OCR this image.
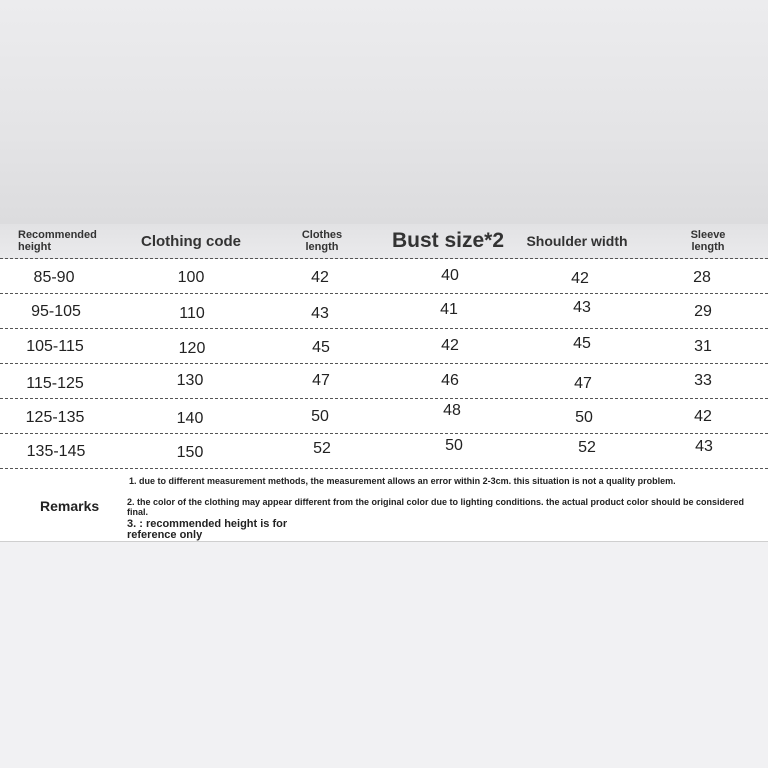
Recommended height	Clothing code	Clothes length	Bust size*2	Shoulder width	Sleeve length
85-90	100	42	40	42	28
95-105	110	43	41	43	29
105-115	120	45	42	45	31
115-125	130	47	46	47	33
125-135	140	50	48	50	42
135-145	150	52	50	52	43
Remarks
1. due to different measurement methods, the measurement allows an error within 2-3cm. this situation is not a quality problem.
2. the color of the clothing may appear different from the original color due to lighting conditions. the actual product color should be considered final.
3. : recommended height is for reference only
